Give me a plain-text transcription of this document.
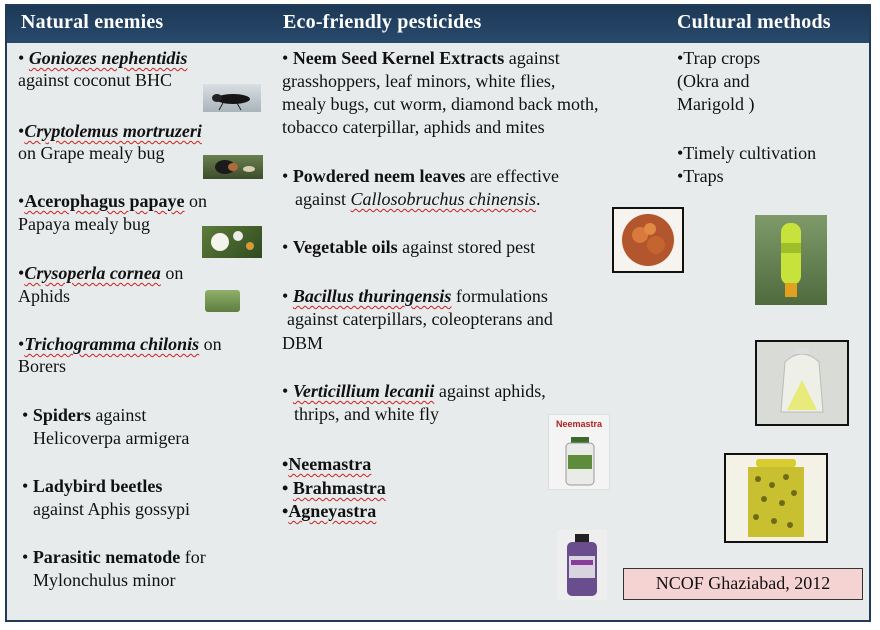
Natural enemies	Eco-friendly pesticides	Cultural methods
• Goniozes nephentidis
against coconut BHC
•Cryptolemus mortruzeri
on Grape mealy bug
•Acerophagus papaye on
Papaya mealy bug
•Crysoperla cornea on
Aphids
•Trichogramma chilonis on
Borers
• Spiders against
Helicoverpa armigera
• Ladybird beetles
against Aphis gossypi
• Parasitic nematode for
Mylonchulus minor
• Neem Seed Kernel Extracts against
grasshoppers, leaf minors, white flies,
mealy bugs, cut worm, diamond back moth,
tobacco caterpillar, aphids and mites
• Powdered neem leaves are effective
against Callosobruchus chinensis.
• Vegetable oils against stored pest
• Bacillus thuringensis formulations
against caterpillars, coleopterans and
DBM
• Verticillium lecanii against aphids,
thrips, and white fly
•Neemastra
• Brahmastra
•Agneyastra
Neemastra
•Trap crops
(Okra and
Marigold )
•Timely cultivation
•Traps
NCOF Ghaziabad, 2012
